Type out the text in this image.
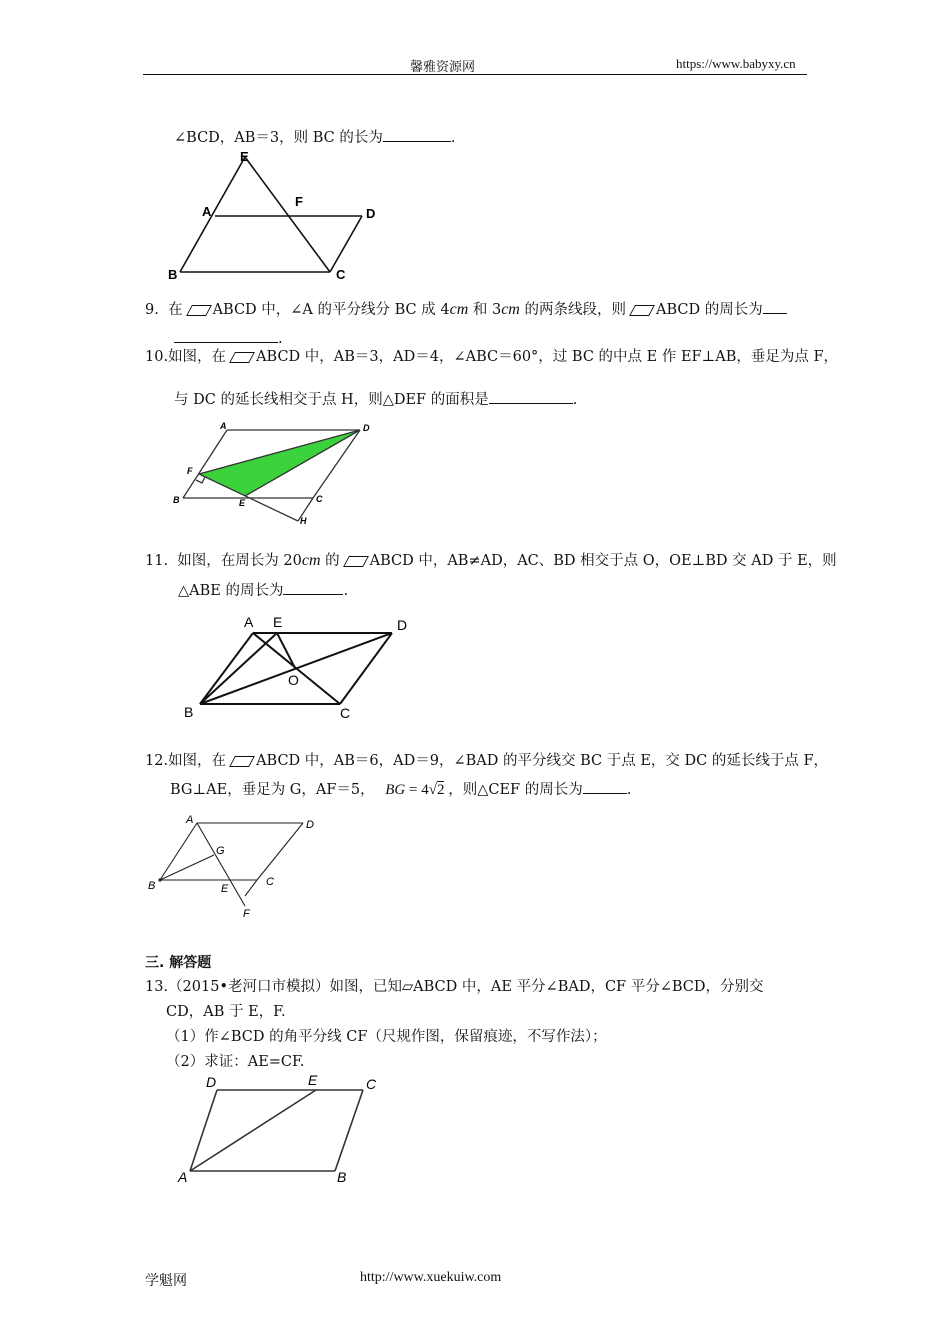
馨雅资源网	https://www.babyxy.cn
∠BCD，AB＝3，则 BC 的长为	.
E
A
F
D
B	C
9. 在 ABCD 中，∠A 的平分线分 BC 成 4cm 和 3cm 的两条线段，则 ABCD 的周长为
.
10.如图，在 ABCD 中，AB＝3，AD＝4，∠ABC＝60°，过 BC 的中点 E 作 EF⊥AB，垂足为点 F，
与 DC 的延长线相交于点 H，则△DEF 的面积是	.
A	D
F
B	E	C
H
11. 如图，在周长为 20cm 的 ABCD 中，AB≠AD，AC、BD 相交于点 O，OE⊥BD 交 AD 于 E，则
△ABE 的周长为	.
A E	D
O
B	C
12.如图，在 ABCD 中，AB＝6，AD＝9，∠BAD 的平分线交 BC 于点 E，交 DC 的延长线于点 F，
BG⊥AE，垂足为 G，AF＝5， BG = 4√2 ，则△CEF 的周长为	.
A	D
G
B	E
C
F
三. 解答题
13.（2015•老河口市模拟）如图，已知▱ABCD 中，AE 平分∠BAD，CF 平分∠BCD，分别交
CD，AB 于 E，F.
（1）作∠BCD 的角平分线 CF（尺规作图，保留痕迹，不写作法）；
（2）求证：AE=CF.
D	E	C
A	B
学魁网	http://www.xuekuiw.com
